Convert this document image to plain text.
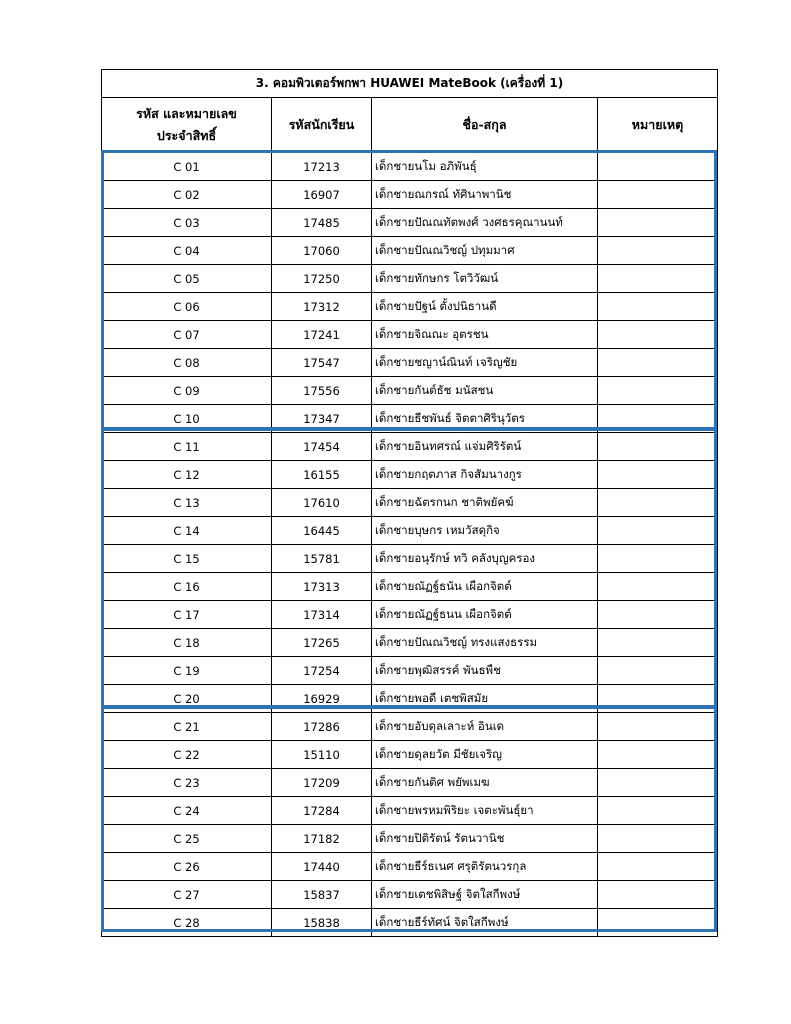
3. คอมพิวเตอร์พกพา HUAWEI MateBook (เครื่องที่ 1)			

รหัส และหมายเลข
ประจำสิทธิ์	รหัสนักเรียน	ชื่อ-สกุล	หมายเหตุ
C 01	17213	เด็กชายนโม อภิพันธุ์	
C 02	16907	เด็กชายณกรณ์ ทัศินาพานิช	
C 03	17485	เด็กชายปัณณทัตพงศ์ วงศธรคุณานนท์	
C 04	17060	เด็กชายปัณณวิชญ์ ปทุมมาศ	
C 05	17250	เด็กชายทักษกร โตวิวัฒน์	
C 06	17312	เด็กชายปัฐน์ ตั้งปนิธานดี	
C 07	17241	เด็กชายจิณณะ อุตรชน	
C 08	17547	เด็กชายชญาน์ณินท์ เจริญชัย	
C 09	17556	เด็กชายกันต์ธัช มนัสชน	
C 10	17347	เด็กชายธีชพันธ์ จิตตาศิรินุวัตร	
C 11	17454	เด็กชายอินทศรณ์ แจ่มศิริรัตน์	
C 12	16155	เด็กชายกฤตภาส กิจสัมนางกูร	
C 13	17610	เด็กชายฉัตรกนก ชาติพยัคฆ์	
C 14	16445	เด็กชายบุษกร เหมวัสดุกิจ	
C 15	15781	เด็กชายอนุรักษ์ ทวิ คลังบุญครอง	
C 16	17313	เด็กชายณัฏฐ์ธนัน เผือกจิตต์	
C 17	17314	เด็กชายณัฏฐ์ธนน เผือกจิตต์	
C 18	17265	เด็กชายปัณณวิชญ์ ทรงแสงธรรม	
C 19	17254	เด็กชายพุฒิสรรค์ พันธพืช	
C 20	16929	เด็กชายพอดี เตชพิสมัย	
C 21	17286	เด็กชายอับดุลเลาะห์ อินเด	
C 22	15110	เด็กชายดุลยวัต มีชัยเจริญ	
C 23	17209	เด็กชายกันติศ พยัพเมฆ	
C 24	17284	เด็กชายพรหมพิริยะ เจตะพันธุ์ยา	
C 25	17182	เด็กชายปิติรัตน์ รัตนวานิช	
C 26	17440	เด็กชายธีร์ธเนศ ศรุติรัตนวรกุล	
C 27	15837	เด็กชายเตชพิสิษฐ์ จิตใสกีพงษ์	
C 28	15838	เด็กชายธีร์ทัศน์ จิตใสกีพงษ์	
